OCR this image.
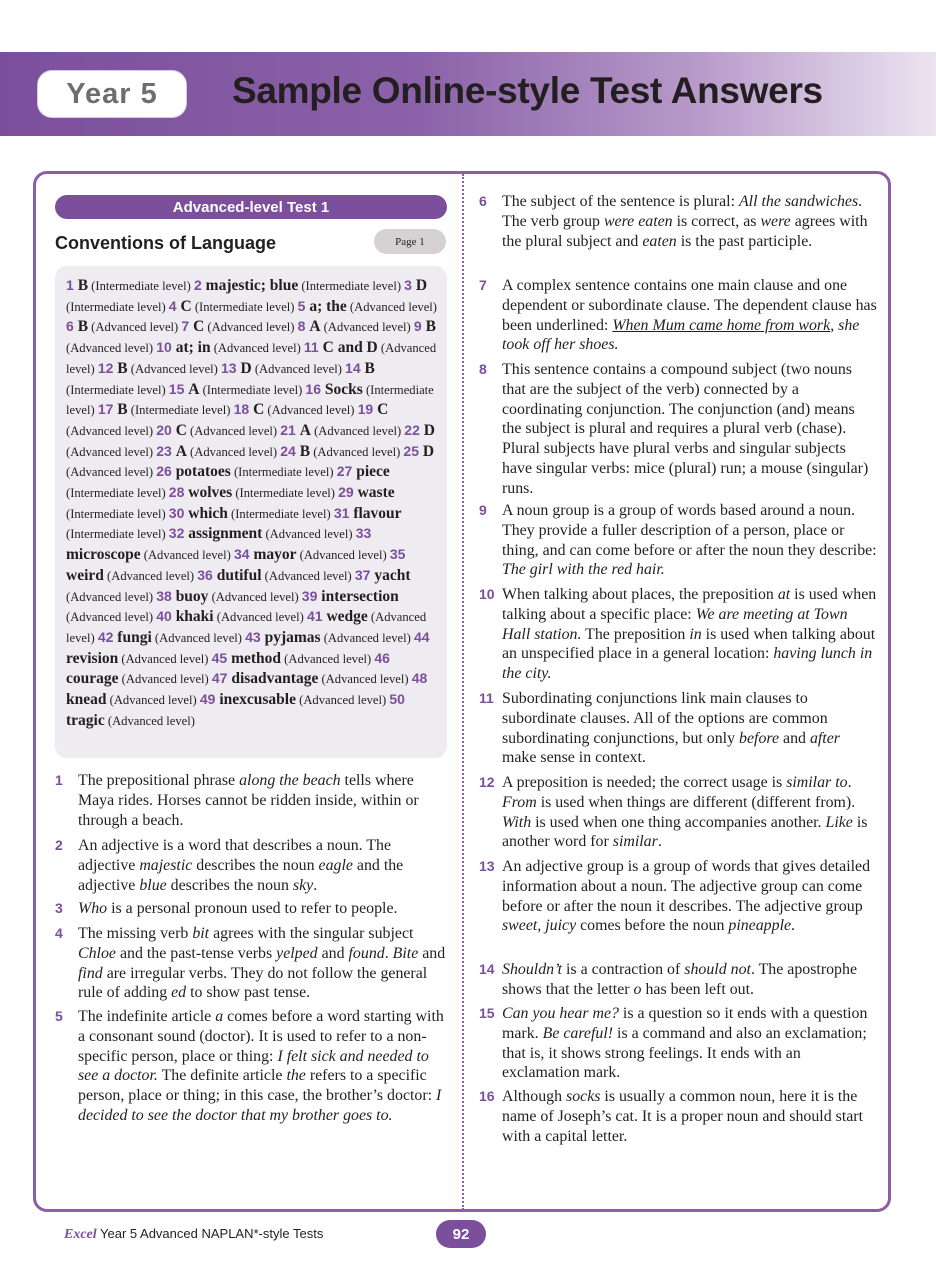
Year 5	Sample Online-style Test Answers
Advanced-level Test 1
Conventions of Language	Page 1
1 B (Intermediate level) 2 majestic; blue (Intermediate level) 3 D (Intermediate level) 4 C (Intermediate level) 5 a; the (Advanced level) 6 B (Advanced level) 7 C (Advanced level) 8 A (Advanced level) 9 B (Advanced level) 10 at; in (Advanced level) 11 C and D (Advanced level) 12 B (Advanced level) 13 D (Advanced level) 14 B (Intermediate level) 15 A (Intermediate level) 16 Socks (Intermediate level) 17 B (Intermediate level) 18 C (Advanced level) 19 C (Advanced level) 20 C (Advanced level) 21 A (Advanced level) 22 D (Advanced level) 23 A (Advanced level) 24 B (Advanced level) 25 D (Advanced level) 26 potatoes (Intermediate level) 27 piece (Intermediate level) 28 wolves (Intermediate level) 29 waste (Intermediate level) 30 which (Intermediate level) 31 flavour (Intermediate level) 32 assignment (Advanced level) 33 microscope (Advanced level) 34 mayor (Advanced level) 35 weird (Advanced level) 36 dutiful (Advanced level) 37 yacht (Advanced level) 38 buoy (Advanced level) 39 intersection (Advanced level) 40 khaki (Advanced level) 41 wedge (Advanced level) 42 fungi (Advanced level) 43 pyjamas (Advanced level) 44 revision (Advanced level) 45 method (Advanced level) 46 courage (Advanced level) 47 disadvantage (Advanced level) 48 knead (Advanced level) 49 inexcusable (Advanced level) 50 tragic (Advanced level)
1 The prepositional phrase along the beach tells where Maya rides. Horses cannot be ridden inside, within or through a beach.
2 An adjective is a word that describes a noun. The adjective majestic describes the noun eagle and the adjective blue describes the noun sky.
3 Who is a personal pronoun used to refer to people.
4 The missing verb bit agrees with the singular subject Chloe and the past-tense verbs yelped and found. Bite and find are irregular verbs. They do not follow the general rule of adding ed to show past tense.
5 The indefinite article a comes before a word starting with a consonant sound (doctor). It is used to refer to a non-specific person, place or thing: I felt sick and needed to see a doctor. The definite article the refers to a specific person, place or thing; in this case, the brother’s doctor: I decided to see the doctor that my brother goes to.
6 The subject of the sentence is plural: All the sandwiches. The verb group were eaten is correct, as were agrees with the plural subject and eaten is the past participle.
7 A complex sentence contains one main clause and one dependent or subordinate clause. The dependent clause has been underlined: When Mum came home from work, she took off her shoes.
8 This sentence contains a compound subject (two nouns that are the subject of the verb) connected by a coordinating conjunction. The conjunction (and) means the subject is plural and requires a plural verb (chase). Plural subjects have plural verbs and singular subjects have singular verbs: mice (plural) run; a mouse (singular) runs.
9 A noun group is a group of words based around a noun. They provide a fuller description of a person, place or thing, and can come before or after the noun they describe: The girl with the red hair.
10 When talking about places, the preposition at is used when talking about a specific place: We are meeting at Town Hall station. The preposition in is used when talking about an unspecified place in a general location: having lunch in the city.
11 Subordinating conjunctions link main clauses to subordinate clauses. All of the options are common subordinating conjunctions, but only before and after make sense in context.
12 A preposition is needed; the correct usage is similar to. From is used when things are different (different from). With is used when one thing accompanies another. Like is another word for similar.
13 An adjective group is a group of words that gives detailed information about a noun. The adjective group can come before or after the noun it describes. The adjective group sweet, juicy comes before the noun pineapple.
14 Shouldn’t is a contraction of should not. The apostrophe shows that the letter o has been left out.
15 Can you hear me? is a question so it ends with a question mark. Be careful! is a command and also an exclamation; that is, it shows strong feelings. It ends with an exclamation mark.
16 Although socks is usually a common noun, here it is the name of Joseph’s cat. It is a proper noun and should start with a capital letter.
Excel Year 5 Advanced NAPLAN*-style Tests	92
